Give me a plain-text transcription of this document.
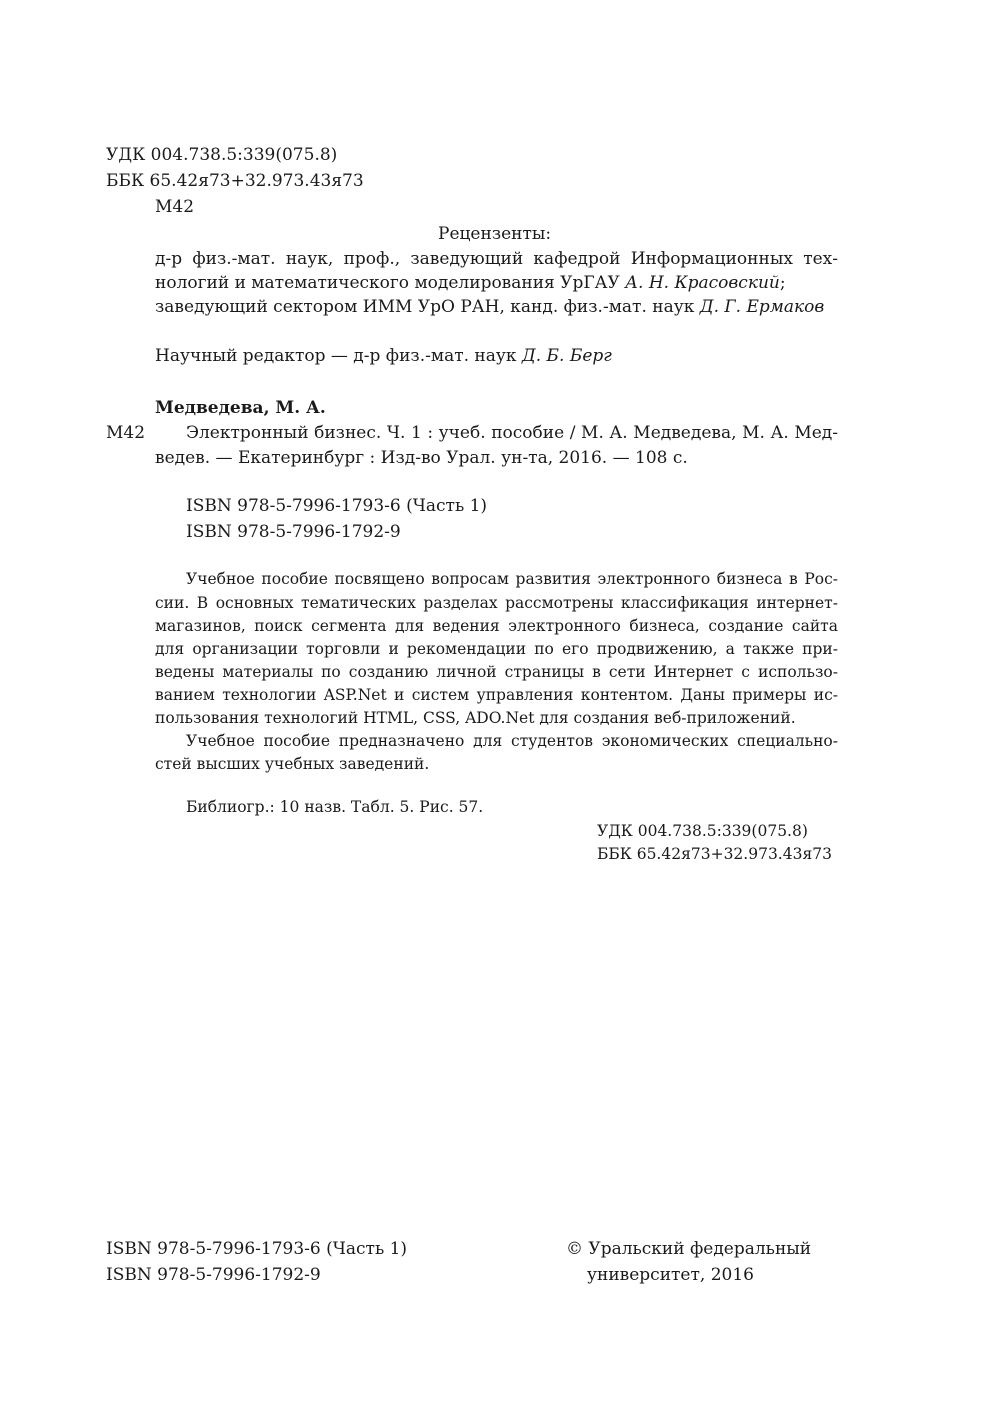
УДК 004.738.5:339(075.8)
ББК 65.42я73+32.973.43я73
М42
Рецензенты:
д-р физ.-мат. наук, проф., заведующий кафедрой Информационных тех-
нологий и математического моделирования УрГАУ А. Н. Красовский;
заведующий сектором ИММ УрО РАН, канд. физ.-мат. наук Д. Г. Ермаков
Научный редактор — д-р физ.-мат. наук Д. Б. Берг
Медведева, М. А.
М42 Электронный бизнес. Ч. 1 : учеб. пособие / М. А. Медведева, М. А. Мед-
ведев. — Екатеринбург : Изд-во Урал. ун-та, 2016. — 108 с.
ISBN 978-5-7996-1793-6 (Часть 1)
ISBN 978-5-7996-1792-9
Учебное пособие посвящено вопросам развития электронного бизнеса в Рос-
сии. В основных тематических разделах рассмотрены классификация интернет-
магазинов, поиск сегмента для ведения электронного бизнеса, создание сайта
для организации торговли и рекомендации по его продвижению, а также при-
ведены материалы по созданию личной страницы в сети Интернет с использо-
ванием технологии ASP.Net и систем управления контентом. Даны примеры ис-
пользования технологий HTML, CSS, ADO.Net для создания веб-приложений.
Учебное пособие предназначено для студентов экономических специально-
стей высших учебных заведений.
Библиогр.: 10 назв. Табл. 5. Рис. 57.
УДК 004.738.5:339(075.8)
ББК 65.42я73+32.973.43я73
ISBN 978-5-7996-1793-6 (Часть 1)
ISBN 978-5-7996-1792-9
© Уральский федеральный
университет, 2016
